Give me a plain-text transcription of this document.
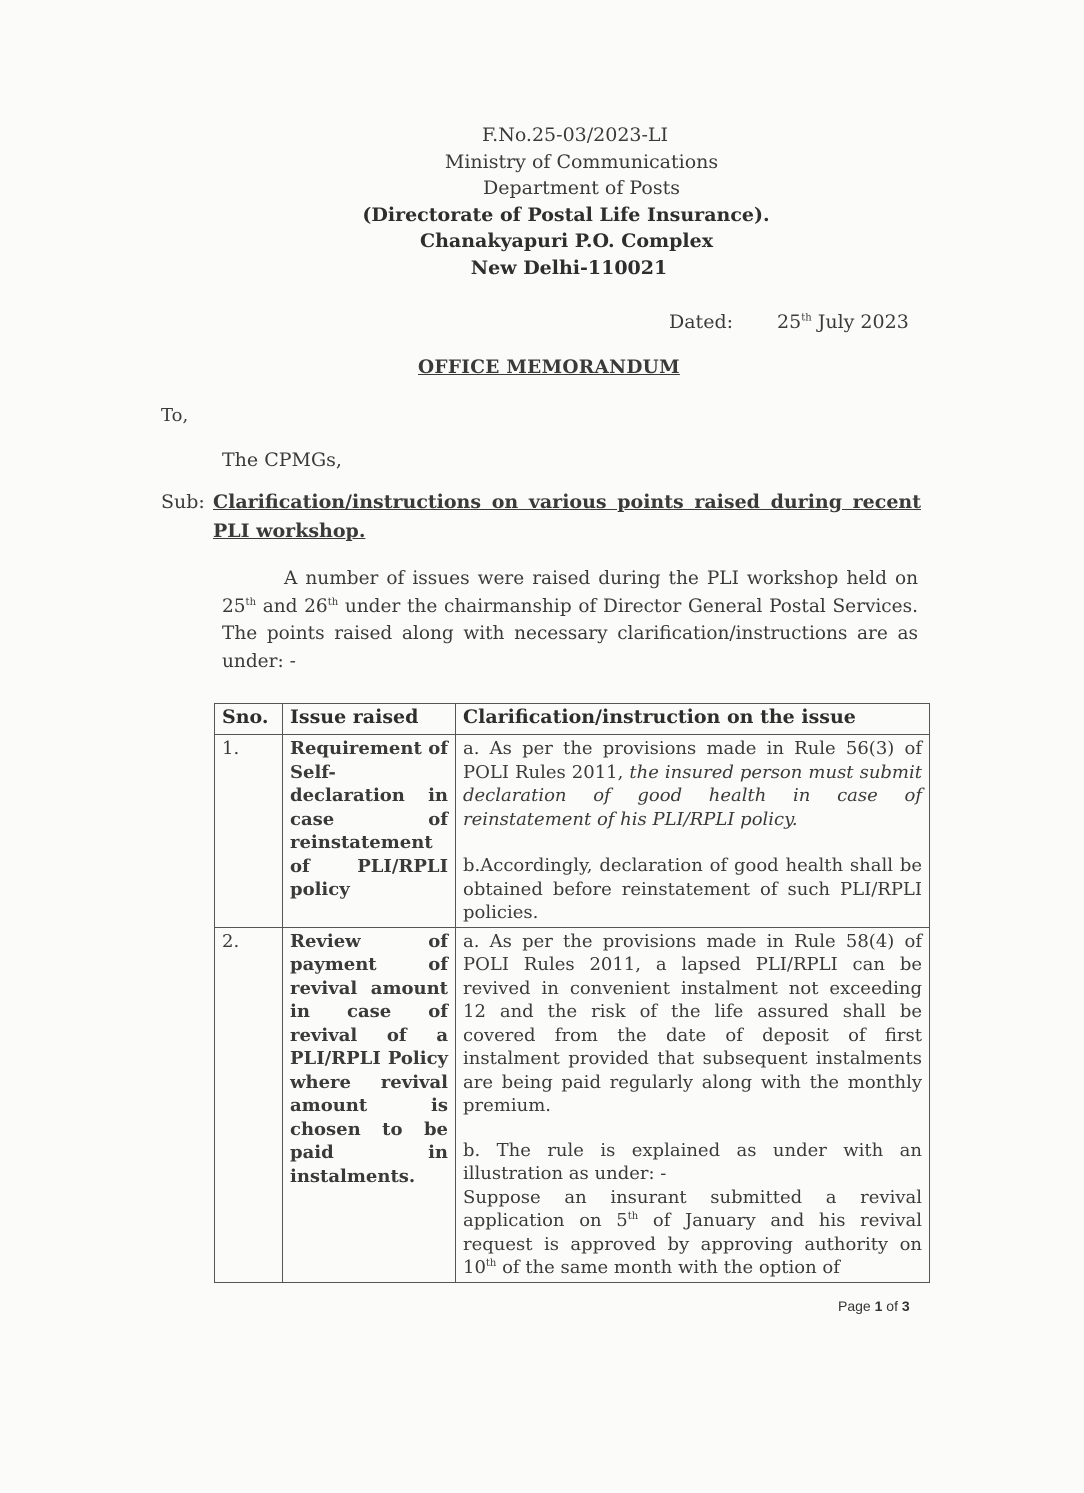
F.No.25-03/2023-LI
Ministry of Communications
Department of Posts
(Directorate of Postal Life Insurance).
Chanakyapuri P.O. Complex
New Delhi-110021
Dated: 25th July 2023
OFFICE MEMORANDUM
To,
The CPMGs,
Sub: Clarification/instructions on various points raised during recent PLI workshop.
A number of issues were raised during the PLI workshop held on 25th and 26th under the chairmanship of Director General Postal Services. The points raised along with necessary clarification/instructions are as under: -
Sno.	Issue raised	Clarification/instruction on the issue
1.	Requirement of Self-declaration in case of reinstatement of PLI/RPLI policy	a. As per the provisions made in Rule 56(3) of POLI Rules 2011, the insured person must submit declaration of good health in case of reinstatement of his PLI/RPLI policy.

b.Accordingly, declaration of good health shall be obtained before reinstatement of such PLI/RPLI policies.

2.	Review of payment of revival amount in case of revival of a PLI/RPLI Policy where revival amount is chosen to be paid in instalments.	a. As per the provisions made in Rule 58(4) of POLI Rules 2011, a lapsed PLI/RPLI can be revived in convenient instalment not exceeding 12 and the risk of the life assured shall be covered from the date of deposit of first instalment provided that subsequent instalments are being paid regularly along with the monthly premium.

b. The rule is explained as under with an illustration as under: -

Suppose an insurant submitted a revival application on 5th of January and his revival request is approved by approving authority on 10th of the same month with the option of

Page 1 of 3
